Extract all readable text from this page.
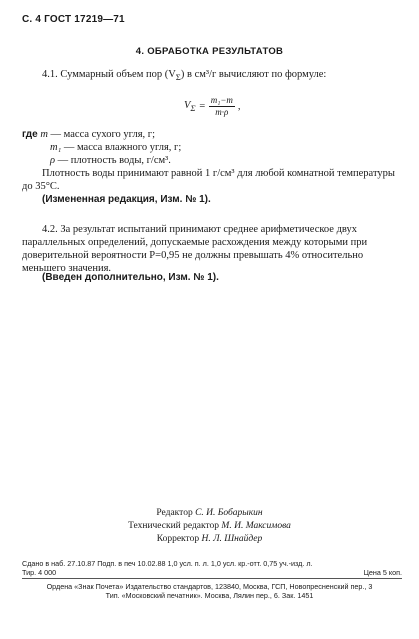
С. 4 ГОСТ 17219—71
4. ОБРАБОТКА РЕЗУЛЬТАТОВ
4.1. Суммарный объем пор $(V_\Sigma)$ в см³/г вычисляют по формуле:
$V_\Sigma = \frac{\text{m₁−m}}{m\cdot\rho}$ ,
где m — масса сухого угля, г;
m₁ — масса влажного угля, г;
ρ — плотность воды, г/см³.
Плотность воды принимают равной 1 г/см³ для любой комнатной температуры до 35°С.
(Измененная редакция, Изм. № 1).
4.2. За результат испытаний принимают среднее арифметическое двух параллельных определений, допускаемые расхождения между которыми при доверительной вероятности Р=0,95 не должны превышать 4% относительно меньшего значения.
(Введен дополнительно, Изм. № 1).
Редактор С. И. Бобарыкин
Технический редактор М. И. Максимова
Корректор Н. Л. Шнайдер
Сдано в наб. 27.10.87 Подп. в печ 10.02.88 1,0 усл. п. л. 1,0 усл. кр.-отт. 0,75 уч.-изд. л.
Тир. 4 000	Цена 5 коп.
Ордена «Знак Почета» Издательство стандартов, 123840, Москва, ГСП, Новопресненский пер., 3
Тип. «Московский печатник». Москва, Лялин пер., 6. Зак. 1451
